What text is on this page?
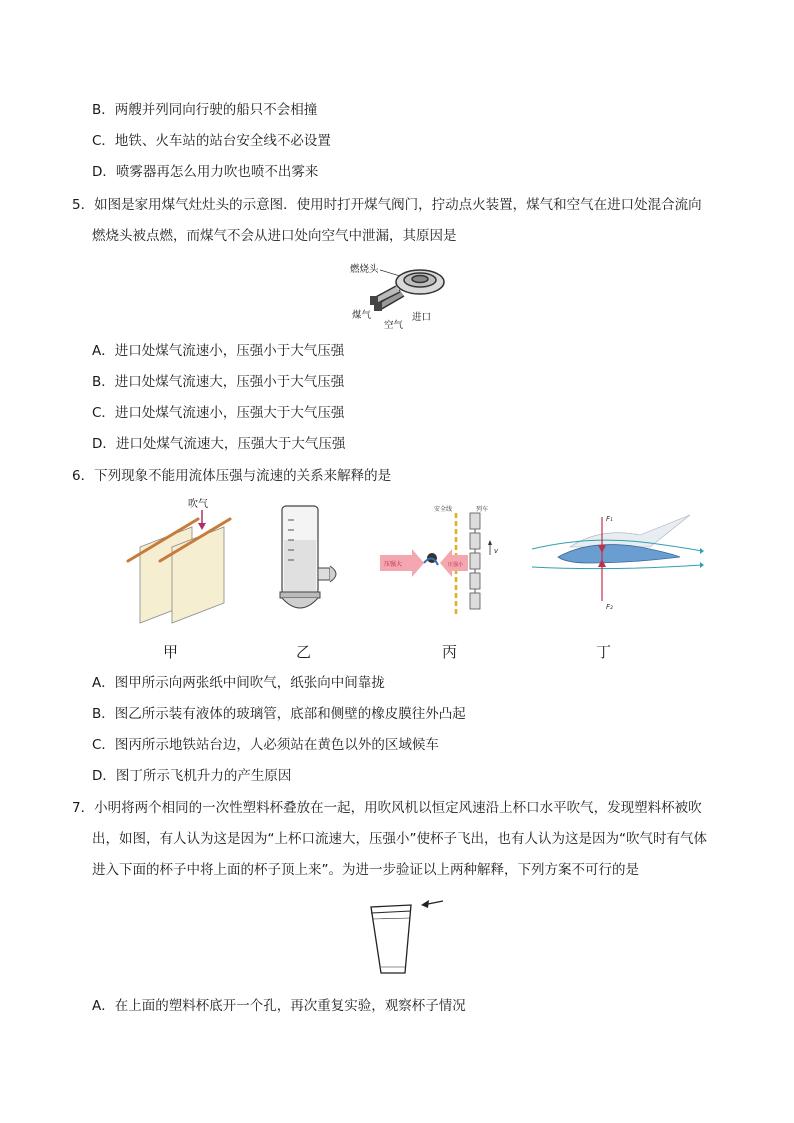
B．两艘并列同向行驶的船只不会相撞
C．地铁、火车站的站台安全线不必设置
D．喷雾器再怎么用力吹也喷不出雾来
5．如图是家用煤气灶灶头的示意图．使用时打开煤气阀门，拧动点火装置，煤气和空气在进口处混合流向
燃烧头被点燃，而煤气不会从进口处向空气中泄漏，其原因是
燃烧头
煤气
空气
进口
A．进口处煤气流速小，压强小于大气压强
B．进口处煤气流速大，压强小于大气压强
C．进口处煤气流速小，压强大于大气压强
D．进口处煤气流速大，压强大于大气压强
6．下列现象不能用流体压强与流速的关系来解释的是
吹气	安全线	列车
v
压强大	压强小
F₁
F₂
甲	乙	丙	丁
A．图甲所示向两张纸中间吹气，纸张向中间靠拢
B．图乙所示装有液体的玻璃管，底部和侧壁的橡皮膜往外凸起
C．图丙所示地铁站台边，人必须站在黄色以外的区域候车
D．图丁所示飞机升力的产生原因
7．小明将两个相同的一次性塑料杯叠放在一起，用吹风机以恒定风速沿上杯口水平吹气，发现塑料杯被吹
出，如图，有人认为这是因为“上杯口流速大，压强小”使杯子飞出，也有人认为这是因为“吹气时有气体
进入下面的杯子中将上面的杯子顶上来”。为进一步验证以上两种解释，下列方案不可行的是
A．在上面的塑料杯底开一个孔，再次重复实验，观察杯子情况
